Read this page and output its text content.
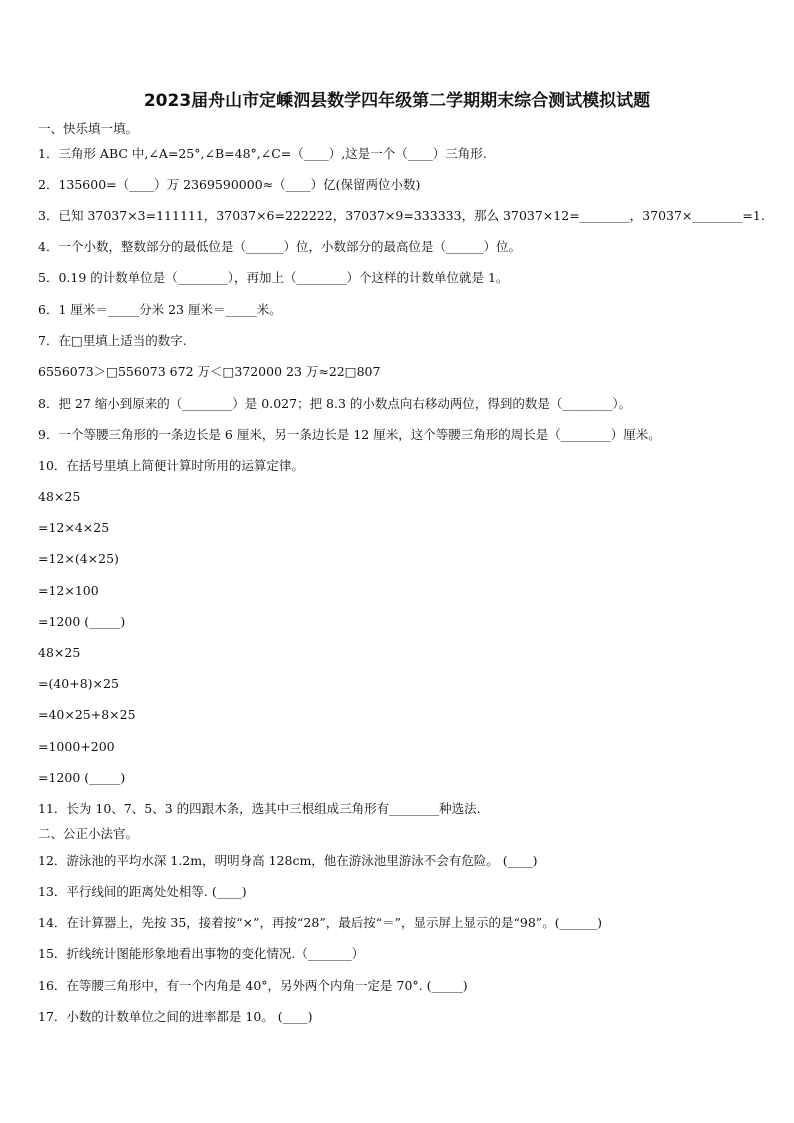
2023届舟山市定嵊泗县数学四年级第二学期期末综合测试模拟试题
一、快乐填一填。
1．三角形 ABC 中,∠A=25°,∠B=48°,∠C=（____）,这是一个（____）三角形.
2．135600=（____）万 2369590000≈（____）亿(保留两位小数)
3．已知 37037×3=111111，37037×6=222222，37037×9=333333，那么 37037×12=________，37037×________=1.
4．一个小数，整数部分的最低位是（______）位，小数部分的最高位是（______）位。
5．0.19 的计数单位是（________），再加上（________）个这样的计数单位就是 1。
6．1 厘米＝_____分米 23 厘米＝_____米。
7．在□里填上适当的数字.
6556073＞□556073 672 万＜□372000 23 万≈22□807
8．把 27 缩小到原来的（________）是 0.027；把 8.3 的小数点向右移动两位，得到的数是（________）。
9．一个等腰三角形的一条边长是 6 厘米，另一条边长是 12 厘米，这个等腰三角形的周长是（________）厘米。
10．在括号里填上简便计算时所用的运算定律。
48×25
=12×4×25
=12×(4×25)
=12×100
=1200 (_____)
48×25
=(40+8)×25
=40×25+8×25
=1000+200
=1200 (_____)
11．长为 10、7、5、3 的四跟木条，选其中三根组成三角形有________种选法.
二、公正小法官。
12．游泳池的平均水深 1.2m，明明身高 128cm，他在游泳池里游泳不会有危险。 (____)
13．平行线间的距离处处相等. (____)
14．在计算器上，先按 35，接着按“×”，再按“28”，最后按“＝”，显示屏上显示的是“98”。(______)
15．折线统计图能形象地看出事物的变化情况.（_______）
16．在等腰三角形中，有一个内角是 40°，另外两个内角一定是 70°. (_____)
17．小数的计数单位之间的进率都是 10。 (____)
